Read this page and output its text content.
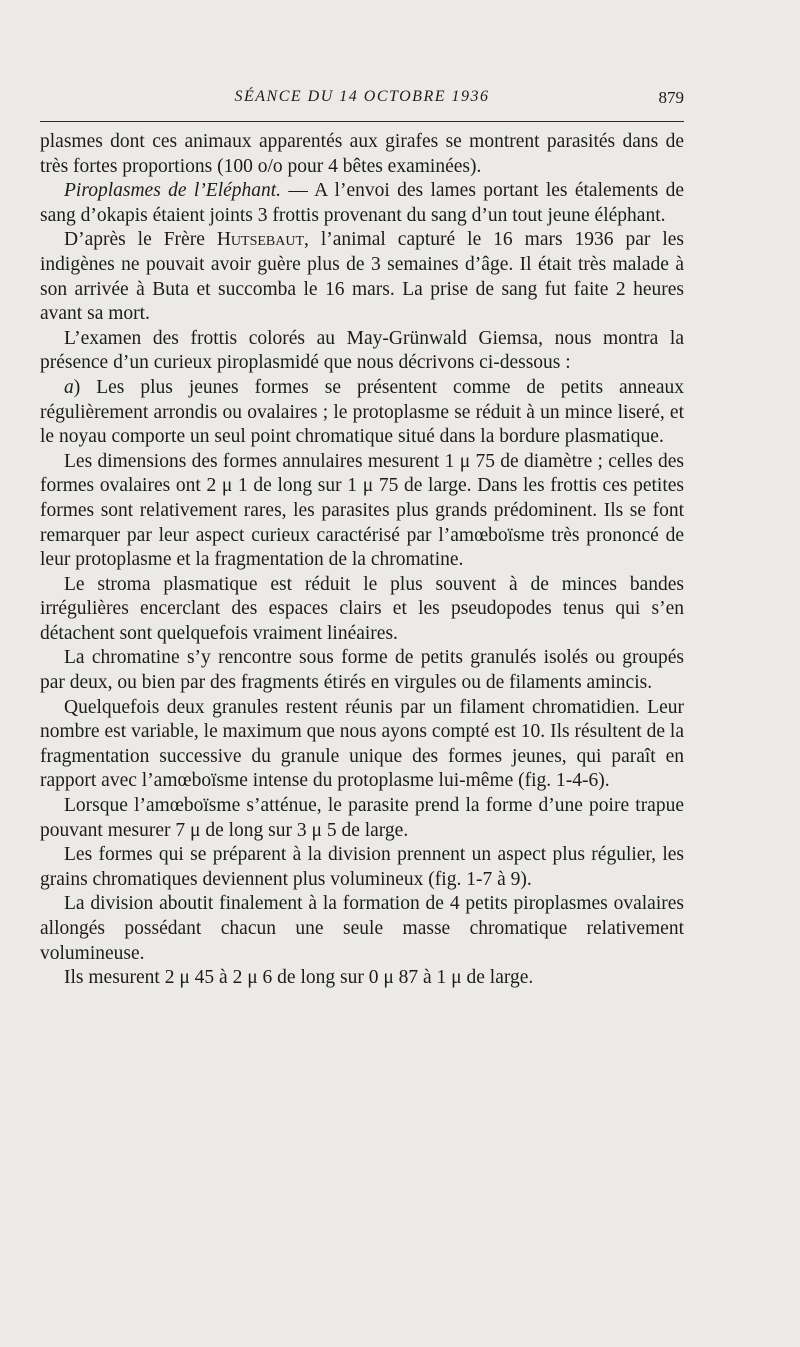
SÉANCE DU 14 OCTOBRE 1936	879

plasmes dont ces animaux apparentés aux girafes se montrent parasités dans de très fortes proportions (100 o/o pour 4 bêtes examinées).

Piroplasmes de l’Eléphant. — A l’envoi des lames portant les étalements de sang d’okapis étaient joints 3 frottis provenant du sang d’un tout jeune éléphant.

D’après le Frère Hutsebaut, l’animal capturé le 16 mars 1936 par les indigènes ne pouvait avoir guère plus de 3 semaines d’âge. Il était très malade à son arrivée à Buta et succomba le 16 mars. La prise de sang fut faite 2 heures avant sa mort.

L’examen des frottis colorés au May-Grünwald Giemsa, nous montra la présence d’un curieux piroplasmidé que nous décrivons ci-dessous :

a) Les plus jeunes formes se présentent comme de petits anneaux régulièrement arrondis ou ovalaires ; le protoplasme se réduit à un mince liseré, et le noyau comporte un seul point chromatique situé dans la bordure plasmatique.

Les dimensions des formes annulaires mesurent 1 μ 75 de diamètre ; celles des formes ovalaires ont 2 μ 1 de long sur 1 μ 75 de large. Dans les frottis ces petites formes sont relativement rares, les parasites plus grands prédominent. Ils se font remarquer par leur aspect curieux caractérisé par l’amœboïsme très prononcé de leur protoplasme et la fragmentation de la chromatine.

Le stroma plasmatique est réduit le plus souvent à de minces bandes irrégulières encerclant des espaces clairs et les pseudopodes tenus qui s’en détachent sont quelquefois vraiment linéaires.

La chromatine s’y rencontre sous forme de petits granulés isolés ou groupés par deux, ou bien par des fragments étirés en virgules ou de filaments amincis.

Quelquefois deux granules restent réunis par un filament chromatidien. Leur nombre est variable, le maximum que nous ayons compté est 10. Ils résultent de la fragmentation successive du granule unique des formes jeunes, qui paraît en rapport avec l’amœboïsme intense du protoplasme lui-même (fig. 1-4-6).

Lorsque l’amœboïsme s’atténue, le parasite prend la forme d’une poire trapue pouvant mesurer 7 μ de long sur 3 μ 5 de large.

Les formes qui se préparent à la division prennent un aspect plus régulier, les grains chromatiques deviennent plus volumineux (fig. 1-7 à 9).

La division aboutit finalement à la formation de 4 petits piroplasmes ovalaires allongés possédant chacun une seule masse chromatique relativement volumineuse.

Ils mesurent 2 μ 45 à 2 μ 6 de long sur 0 μ 87 à 1 μ de large.
